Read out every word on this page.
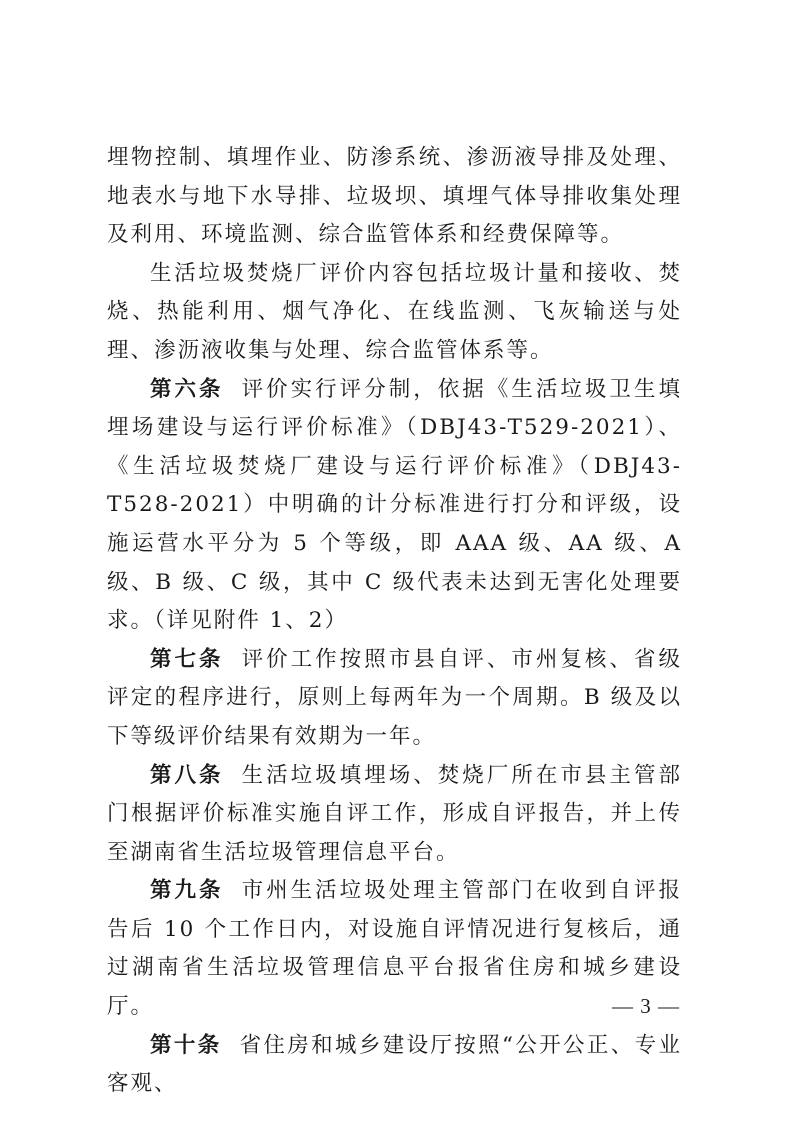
埋物控制、填埋作业、防渗系统、渗沥液导排及处理、地表水与地下水导排、垃圾坝、填埋气体导排收集处理及利用、环境监测、综合监管体系和经费保障等。

生活垃圾焚烧厂评价内容包括垃圾计量和接收、焚烧、热能利用、烟气净化、在线监测、飞灰输送与处理、渗沥液收集与处理、综合监管体系等。

第六条 评价实行评分制，依据《生活垃圾卫生填埋场建设与运行评价标准》（DBJ43-T529-2021）、《生活垃圾焚烧厂建设与运行评价标准》（DBJ43-T528-2021）中明确的计分标准进行打分和评级，设施运营水平分为 5 个等级，即 AAA 级、AA 级、A 级、B 级、C 级，其中 C 级代表未达到无害化处理要求。（详见附件 1、2）

第七条 评价工作按照市县自评、市州复核、省级评定的程序进行，原则上每两年为一个周期。B 级及以下等级评价结果有效期为一年。

第八条 生活垃圾填埋场、焚烧厂所在市县主管部门根据评价标准实施自评工作，形成自评报告，并上传至湖南省生活垃圾管理信息平台。

第九条 市州生活垃圾处理主管部门在收到自评报告后 10 个工作日内，对设施自评情况进行复核后，通过湖南省生活垃圾管理信息平台报省住房和城乡建设厅。

第十条 省住房和城乡建设厅按照“公开公正、专业客观、

— 3 —
